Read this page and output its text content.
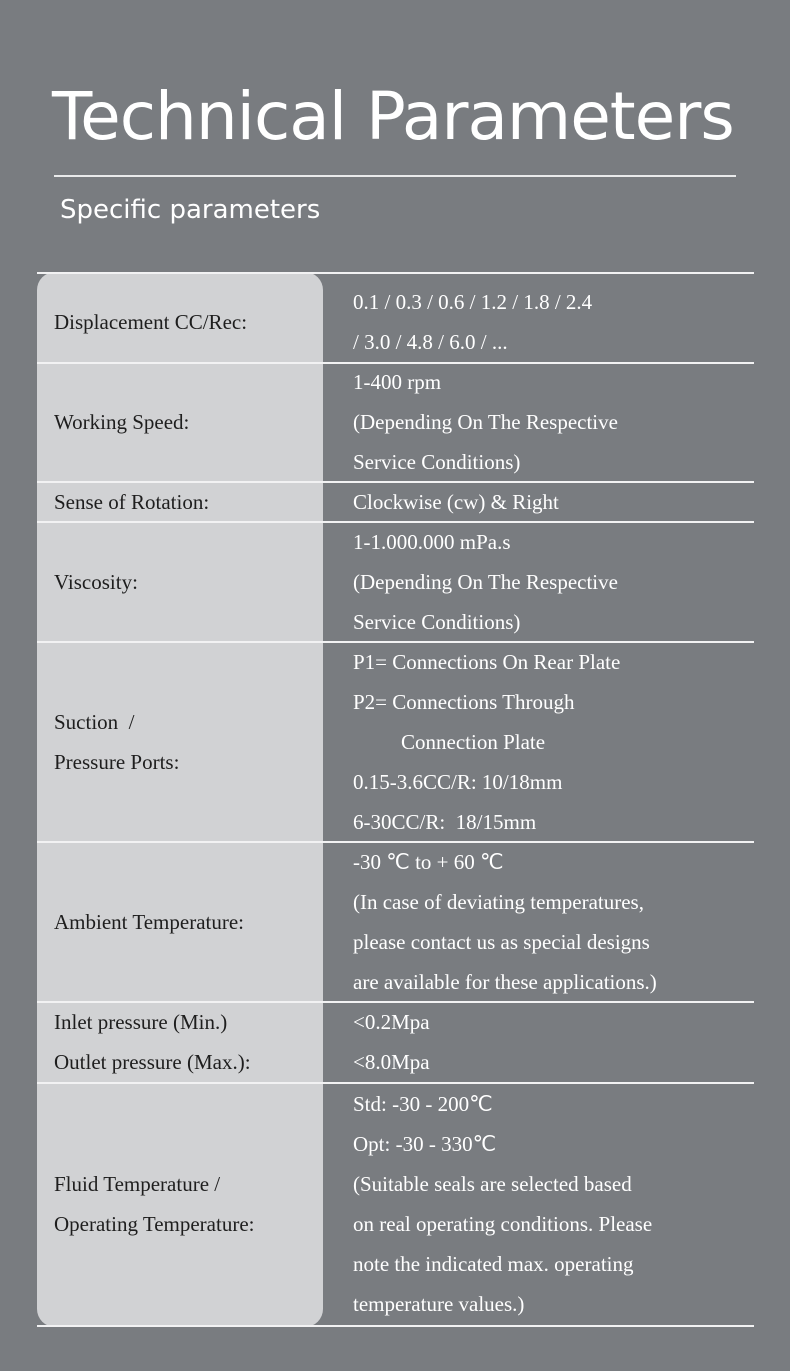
Technical Parameters
Specific parameters
Displacement CC/Rec:
0.1 / 0.3 / 0.6 / 1.2 / 1.8 / 2.4
/ 3.0 / 4.8 / 6.0 / ...
Working Speed:
1-400 rpm
(Depending On The Respective
Service Conditions)
Sense of Rotation:	Clockwise (cw) & Right
Viscosity:
1-1.000.000 mPa.s
(Depending On The Respective
Service Conditions)
Suction  /
Pressure Ports:
P1= Connections On Rear Plate
P2= Connections Through
Connection Plate
0.15-3.6CC/R: 10/18mm
6-30CC/R:  18/15mm
Ambient Temperature:
-30 ℃ to + 60 ℃
(In case of deviating temperatures,
please contact us as special designs
are available for these applications.)
Inlet pressure (Min.)
Outlet pressure (Max.):
<0.2Mpa
<8.0Mpa
Fluid Temperature /
Operating Temperature:
Std: -30 - 200℃
Opt: -30 - 330℃
(Suitable seals are selected based
on real operating conditions. Please
note the indicated max. operating
temperature values.)
